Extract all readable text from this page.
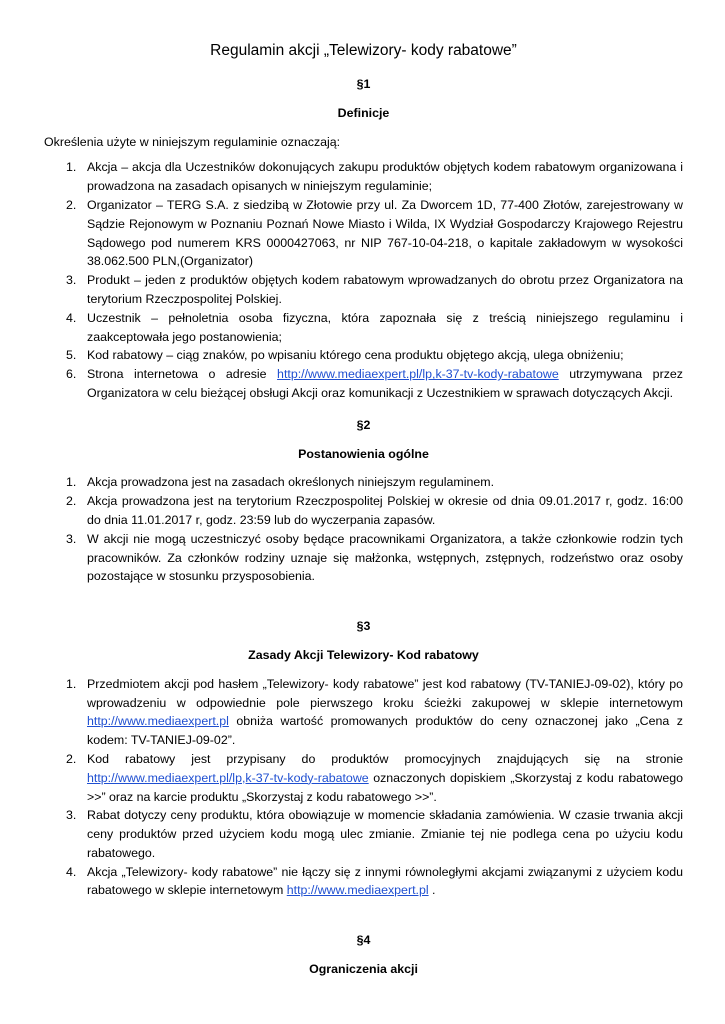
Regulamin akcji „Telewizory- kody rabatowe”

§1

Definicje

Określenia użyte w niniejszym regulaminie oznaczają:

1. Akcja – akcja dla Uczestników dokonujących zakupu produktów objętych kodem rabatowym organizowana i prowadzona na zasadach opisanych w niniejszym regulaminie;
2. Organizator – TERG S.A. z siedzibą w Złotowie przy ul. Za Dworcem 1D, 77-400 Złotów, zarejestrowany w Sądzie Rejonowym w Poznaniu Poznań Nowe Miasto i Wilda, IX Wydział Gospodarczy Krajowego Rejestru Sądowego pod numerem KRS 0000427063, nr NIP 767-10-04-218, o kapitale zakładowym w wysokości 38.062.500 PLN,(Organizator)
3. Produkt – jeden z produktów objętych kodem rabatowym wprowadzanych do obrotu przez Organizatora na terytorium Rzeczpospolitej Polskiej.
4. Uczestnik – pełnoletnia osoba fizyczna, która zapoznała się z treścią niniejszego regulaminu i zaakceptowała jego postanowienia;
5. Kod rabatowy – ciąg znaków, po wpisaniu którego cena produktu objętego akcją, ulega obniżeniu;
6. Strona internetowa o adresie http://www.mediaexpert.pl/lp,k-37-tv-kody-rabatowe utrzymywana przez Organizatora w celu bieżącej obsługi Akcji oraz komunikacji z Uczestnikiem w sprawach dotyczących Akcji.

§2

Postanowienia ogólne

1. Akcja prowadzona jest na zasadach określonych niniejszym regulaminem.
2. Akcja prowadzona jest na terytorium Rzeczpospolitej Polskiej w okresie od dnia 09.01.2017 r, godz. 16:00 do dnia 11.01.2017 r, godz. 23:59 lub do wyczerpania zapasów.
3. W akcji nie mogą uczestniczyć osoby będące pracownikami Organizatora, a także członkowie rodzin tych pracowników. Za członków rodziny uznaje się małżonka, wstępnych, zstępnych, rodzeństwo oraz osoby pozostające w stosunku przysposobienia.

§3

Zasady Akcji Telewizory- Kod rabatowy

1. Przedmiotem akcji pod hasłem „Telewizory- kody rabatowe” jest kod rabatowy (TV-TANIEJ-09-02), który po wprowadzeniu w odpowiednie pole pierwszego kroku ścieżki zakupowej w sklepie internetowym http://www.mediaexpert.pl obniża wartość promowanych produktów do ceny oznaczonej jako „Cena z kodem: TV-TANIEJ-09-02”.
2. Kod rabatowy jest przypisany do produktów promocyjnych znajdujących się na stronie http://www.mediaexpert.pl/lp,k-37-tv-kody-rabatowe oznaczonych dopiskiem „Skorzystaj z kodu rabatowego >>” oraz na karcie produktu „Skorzystaj z kodu rabatowego >>”.
3. Rabat dotyczy ceny produktu, która obowiązuje w momencie składania zamówienia. W czasie trwania akcji ceny produktów przed użyciem kodu mogą ulec zmianie. Zmianie tej nie podlega cena po użyciu kodu rabatowego.
4. Akcja „Telewizory- kody rabatowe” nie łączy się z innymi równoległymi akcjami związanymi z użyciem kodu rabatowego w sklepie internetowym http://www.mediaexpert.pl .

§4

Ograniczenia akcji
